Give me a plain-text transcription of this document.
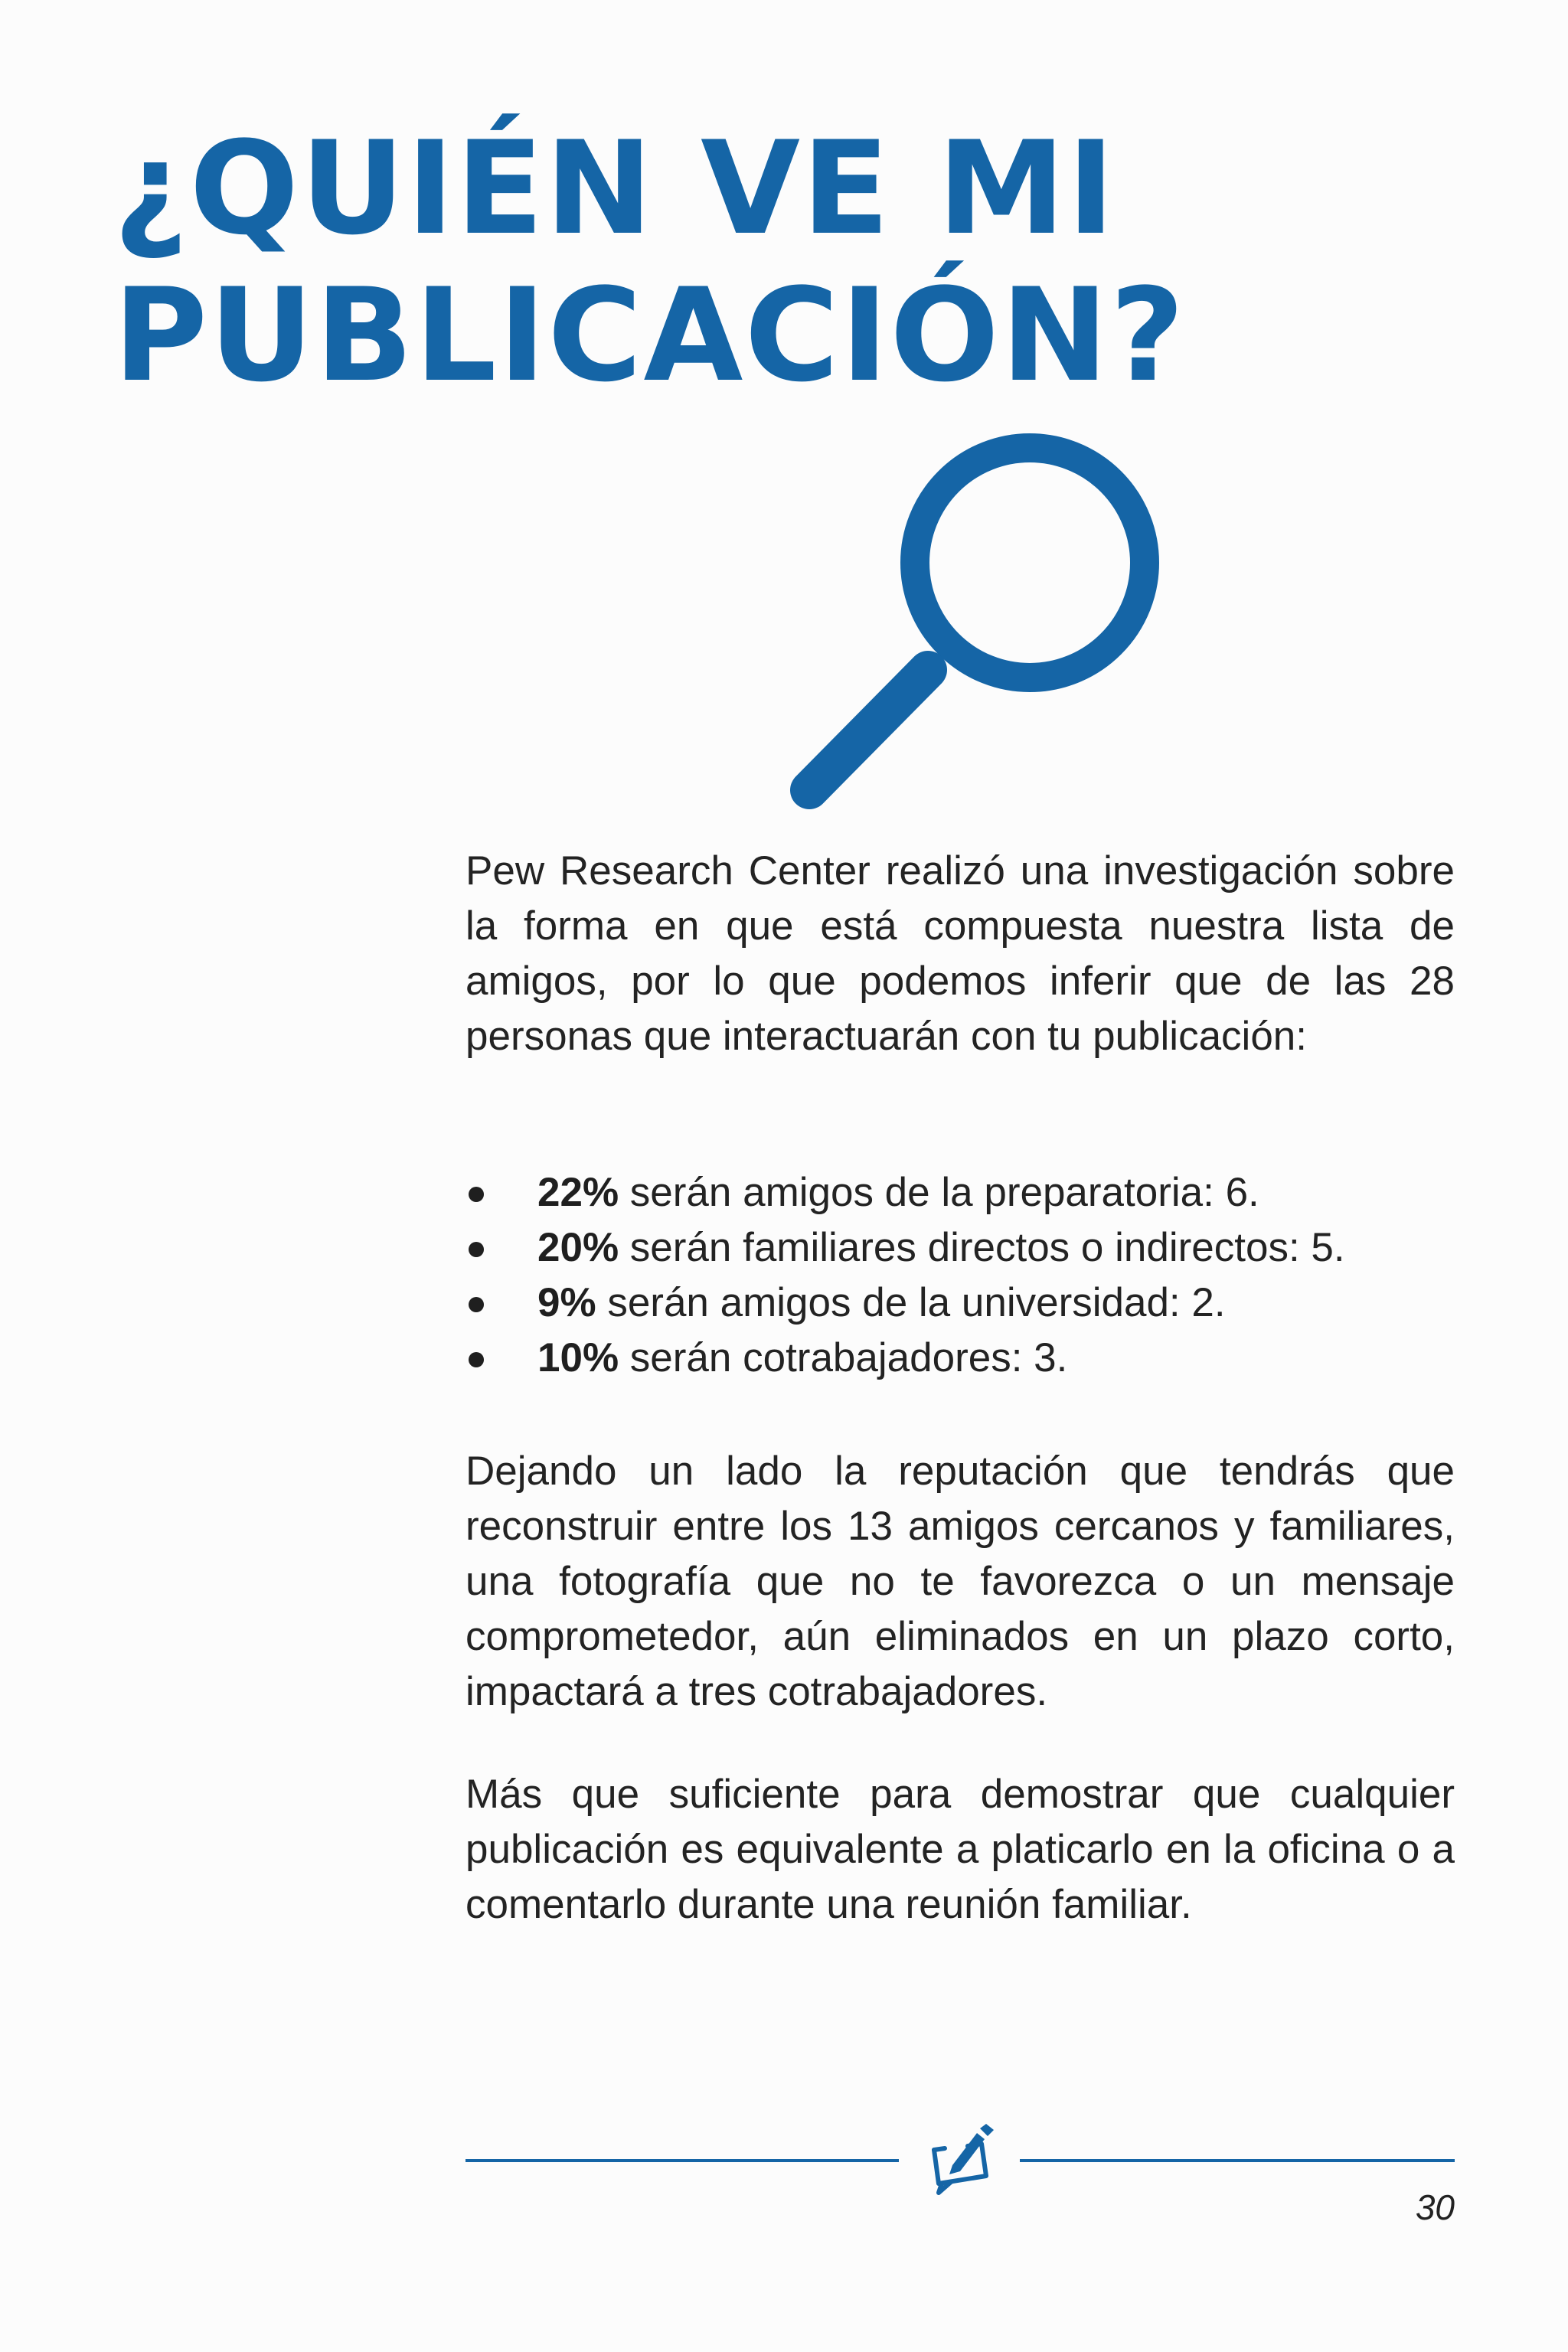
¿QUIÉN VE MI
PUBLICACIÓN?

Pew Research Center realizó una investigación sobre la forma en que está compuesta nuestra lista de amigos, por lo que podemos inferir que de las 28 personas que interactuarán con tu publicación:

22% serán amigos de la preparatoria: 6.
20% serán familiares directos o indirectos: 5.
9% serán amigos de la universidad: 2.
10% serán cotrabajadores: 3.

Dejando un lado la reputación que tendrás que reconstruir entre los 13 amigos cercanos y familiares, una fotografía que no te favorezca o un mensaje comprometedor, aún eliminados en un plazo corto, impactará a tres cotrabajadores.

Más que suficiente para demostrar que cualquier publicación es equivalente a platicarlo en la oficina o a comentarlo durante una reunión familiar.

30
